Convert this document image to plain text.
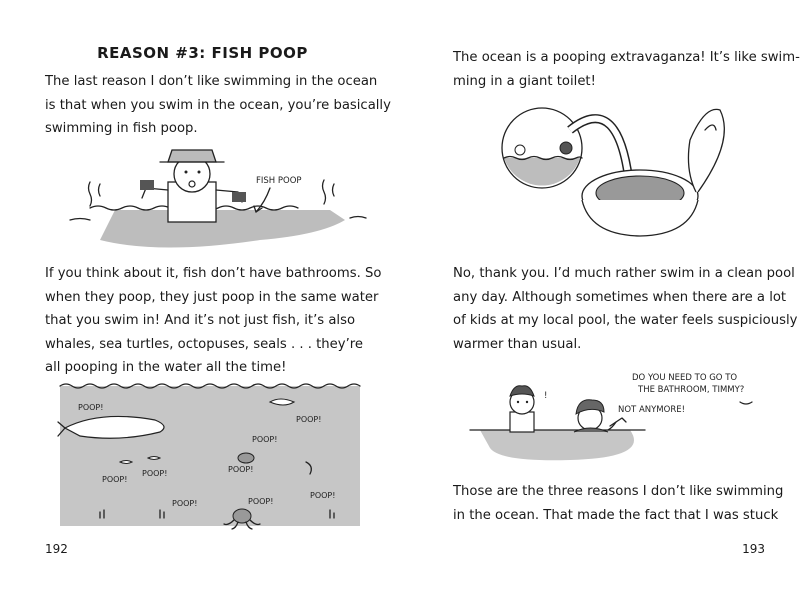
REASON #3: FISH POOP
The last reason I don’t like swimming in the ocean
is that when you swim in the ocean, you’re basically
swimming in fish poop.
FISH POOP
If you think about it, fish don’t have bathrooms. So
when they poop, they just poop in the same water
that you swim in! And it’s not just fish, it’s also
whales, sea turtles, octopuses, seals . . . they’re
all pooping in the water all the time!
POOP!
POOP!
POOP!
POOP!
POOP!
POOP!
POOP!	POOP!
POOP!
192
The ocean is a pooping extravaganza! It’s like swim-
ming in a giant toilet!
No, thank you. I’d much rather swim in a clean pool
any day. Although sometimes when there are a lot
of kids at my local pool, the water feels suspiciously
warmer than usual.
!
DO YOU NEED TO GO TO
THE BATHROOM, TIMMY?
NOT ANYMORE!
Those are the three reasons I don’t like swimming
in the ocean. That made the fact that I was stuck
193
